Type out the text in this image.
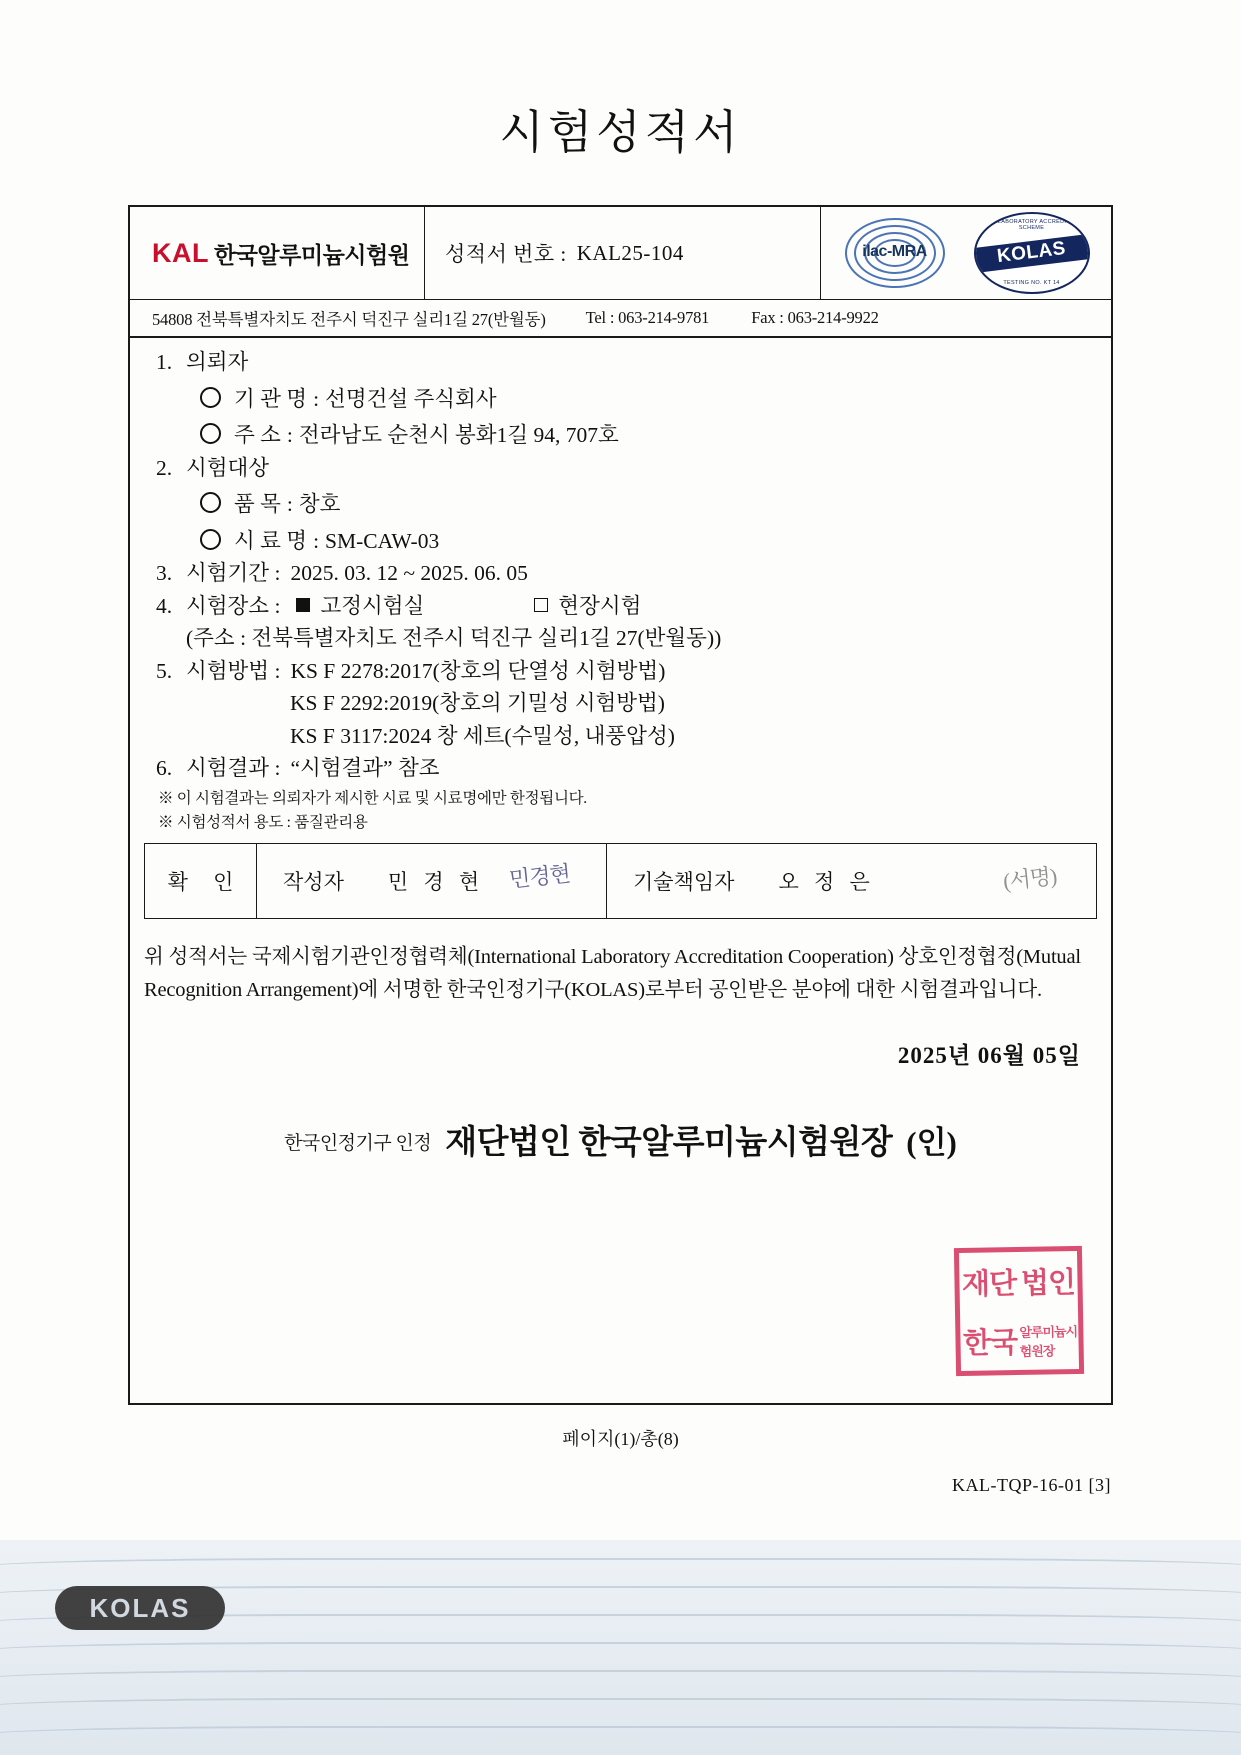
시험성적서
KAL 한국알루미늄시험원 성적서 번호 : KAL25-104	ilac-MRA
KOREA LABORATORY ACCREDITATION SCHEME
KOLAS
TESTING NO. KT 14
54808 전북특별자치도 전주시 덕진구 실리1길 27(반월동) Tel : 063-214-9781	Fax : 063-214-9922
1. 의뢰자
기 관 명 : 선명건설 주식회사
주 소 : 전라남도 순천시 봉화1길 94, 707호
2. 시험대상
품 목 : 창호
시 료 명 : SM-CAW-03
3. 시험기간 : 2025. 03. 12 ~ 2025. 06. 05
4. 시험장소 : 고정시험실	현장시험
(주소 : 전북특별자치도 전주시 덕진구 실리1길 27(반월동))
5. 시험방법 : KS F 2278:2017(창호의 단열성 시험방법)
KS F 2292:2019(창호의 기밀성 시험방법)
KS F 3117:2024 창 세트(수밀성, 내풍압성)
6. 시험결과 : “시험결과” 참조
※ 이 시험결과는 의뢰자가 제시한 시료 및 시료명에만 한정됩니다.
※ 시험성적서 용도 : 품질관리용
확 인	작성자 민 경 현 민경현	기술책임자 오 정 은	(서명)
위 성적서는 국제시험기관인정협력체(International Laboratory Accreditation Cooperation) 상호인정협정(Mutual Recognition Arrangement)에 서명한 한국인정기구(KOLAS)로부터 공인받은 분야에 대한 시험결과입니다.
2025년 06월 05일
한국인정기구 인정 재단법인 한국알루미늄시험원장 (인)
재단 법인
한국 알루미늄시험원장
페이지(1)/총(8)
KAL-TQP-16-01 [3]
KOLAS
